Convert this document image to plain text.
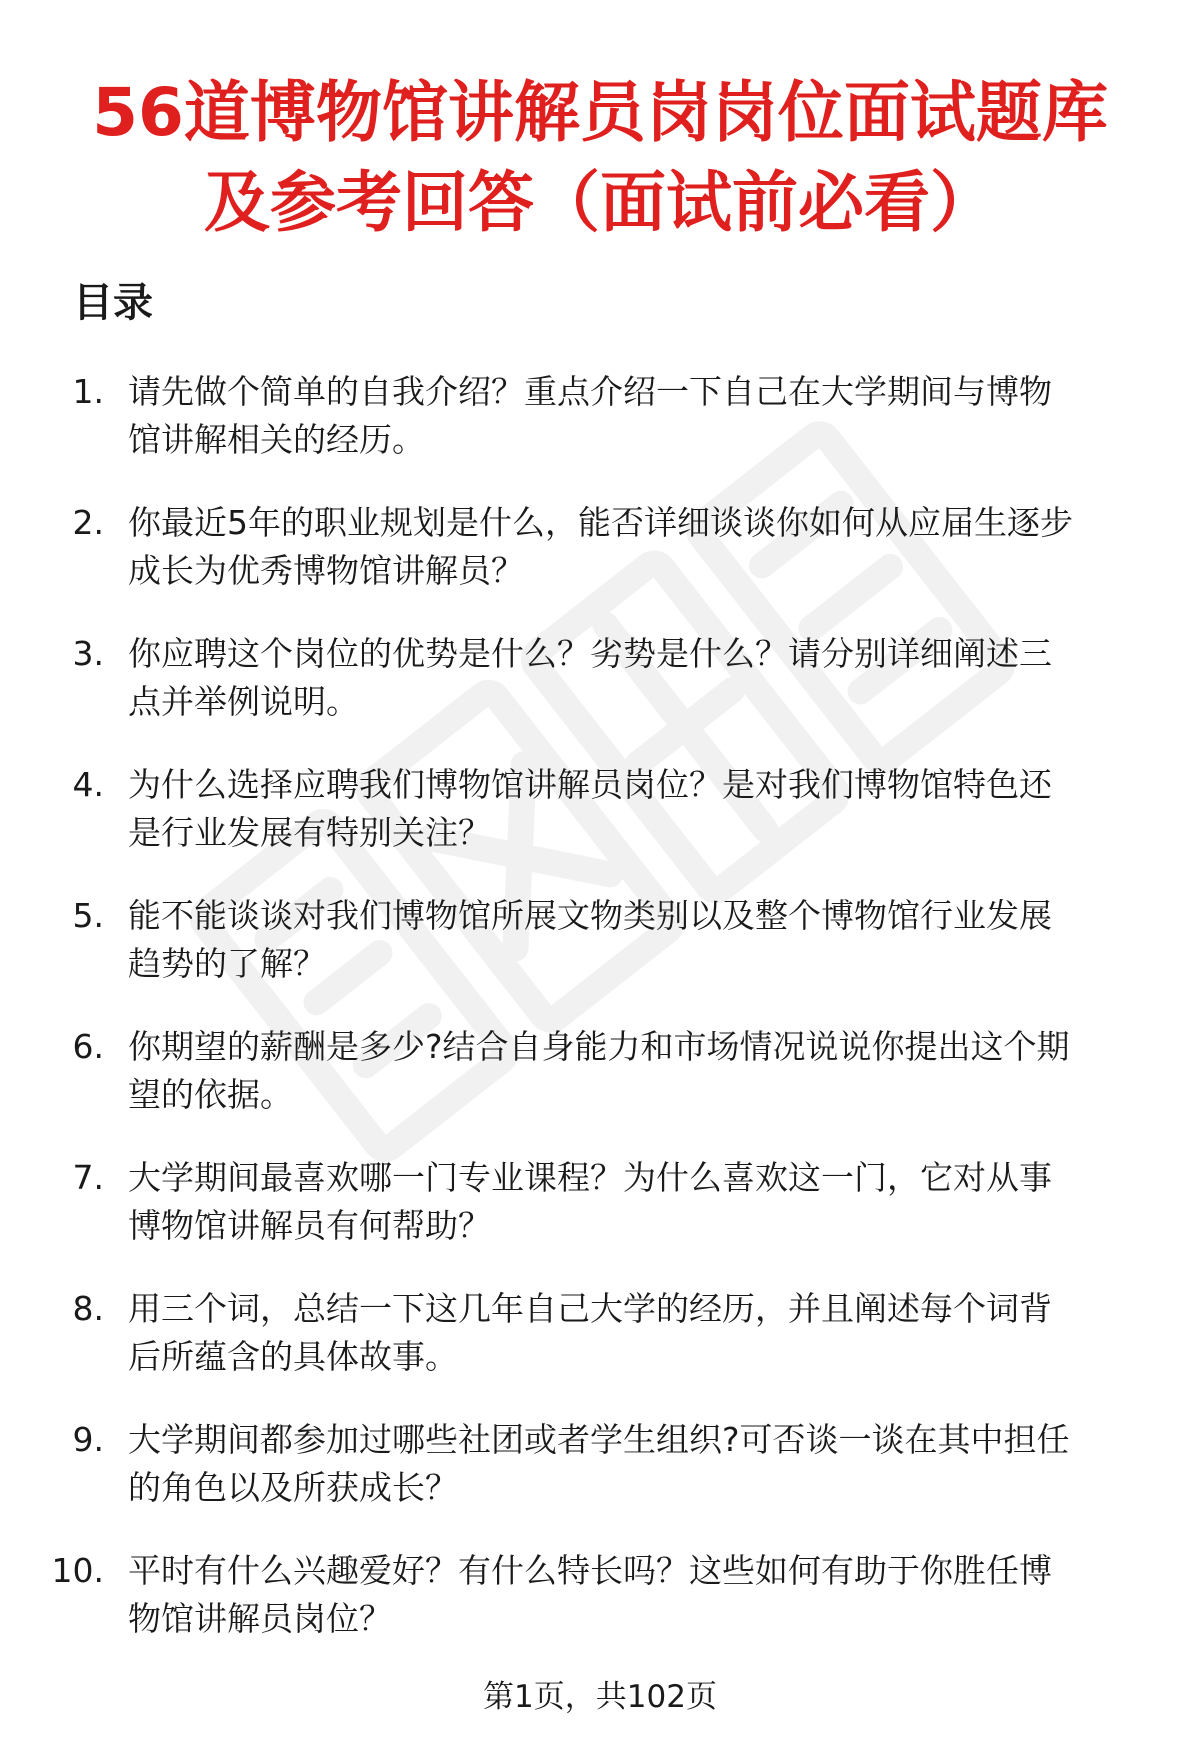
56道博物馆讲解员岗岗位面试题库
及参考回答（面试前必看）
目录
1. 请先做个简单的自我介绍？重点介绍一下自己在大学期间与博物
馆讲解相关的经历。
2. 你最近5年的职业规划是什么，能否详细谈谈你如何从应届生逐步
成长为优秀博物馆讲解员？
3. 你应聘这个岗位的优势是什么？劣势是什么？请分别详细阐述三
点并举例说明。
4. 为什么选择应聘我们博物馆讲解员岗位？是对我们博物馆特色还
是行业发展有特别关注？
5. 能不能谈谈对我们博物馆所展文物类别以及整个博物馆行业发展
趋势的了解？
6. 你期望的薪酬是多少?结合自身能力和市场情况说说你提出这个期
望的依据。
7. 大学期间最喜欢哪一门专业课程？为什么喜欢这一门，它对从事
博物馆讲解员有何帮助？
8. 用三个词，总结一下这几年自己大学的经历，并且阐述每个词背
后所蕴含的具体故事。
9. 大学期间都参加过哪些社团或者学生组织?可否谈一谈在其中担任
的角色以及所获成长？
10. 平时有什么兴趣爱好？有什么特长吗？这些如何有助于你胜任博
物馆讲解员岗位？
第1页，共102页
